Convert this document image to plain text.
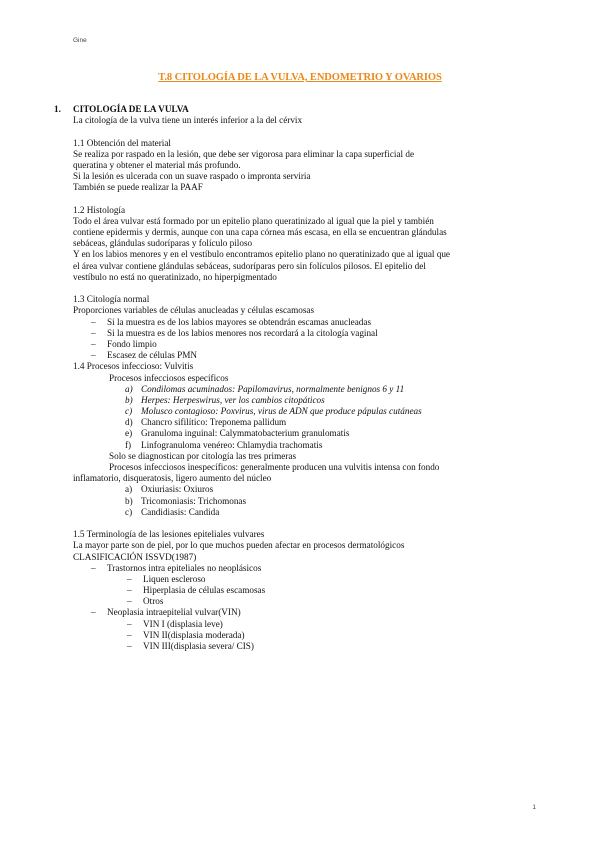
Gine
T.8 CITOLOGÍA DE LA VULVA, ENDOMETRIO Y OVARIOS
1. CITOLOGÍA DE LA VULVA
La citología de la vulva tiene un interés inferior a la del cérvix
1.1 Obtención del material
Se realiza por raspado en la lesión, que debe ser vigorosa para eliminar la capa superficial de
queratina y obtener el material más profundo.
Si la lesión es ulcerada con un suave raspado o impronta serviria
También se puede realizar la PAAF
1.2 Histología
Todo el área vulvar está formado por un epitelio plano queratinizado al igual que la piel y también
contiene epidermis y dermis, aunque con una capa córnea más escasa, en ella se encuentran glándulas
sebáceas, glándulas sudoríparas y folículo piloso
Y en los labios menores y en el vestíbulo encontramos epitelio plano no queratinizado que al igual que
el área vulvar contiene glándulas sebáceas, sudoríparas pero sin folículos pilosos. El epitelio del
vestíbulo no está no queratinizado, no hiperpigmentado
1.3 Citología normal
Proporciones variables de células anucleadas y células escamosas
– Si la muestra es de los labios mayores se obtendrán escamas anucleadas
– Si la muestra es de los labios menores nos recordará a la citología vaginal
– Fondo limpio
– Escasez de células PMN
1.4 Procesos infeccioso: Vulvitis
Procesos infecciosos específicos
a) Condilomas acuminados: Papilomavirus, normalmente benignos 6 y 11
b) Herpes: Herpeswirus, ver los cambios citopáticos
c) Molusco contagioso: Poxvirus, virus de ADN que produce pápulas cutáneas
d) Chancro sifilítico: Treponema pallidum
e) Granuloma inguinal: Calymmatobacterium granulomatis
f) Linfogranuloma venéreo: Chlamydia trachomatis
Solo se diagnostican por citología las tres primeras
Procesos infecciosos inespecíficos: generalmente producen una vulvitis intensa con fondo
inflamatorio, disqueratosis, ligero aumento del núcleo
a) Oxiuriasis: Oxiuros
b) Tricomoniasis: Trichomonas
c) Candidiasis: Candida
1.5 Terminología de las lesiones epiteliales vulvares
La mayor parte son de piel, por lo que muchos pueden afectar en procesos dermatológicos
CLASIFICACIÓN ISSVD(1987)
– Trastornos intra epiteliales no neoplásicos
– Liquen escleroso
– Hiperplasia de células escamosas
– Otros
– Neoplasia intraepitelial vulvar(VIN)
– VIN I (displasia leve)
– VIN II(displasia moderada)
– VIN III(displasia severa/ CIS)
1
